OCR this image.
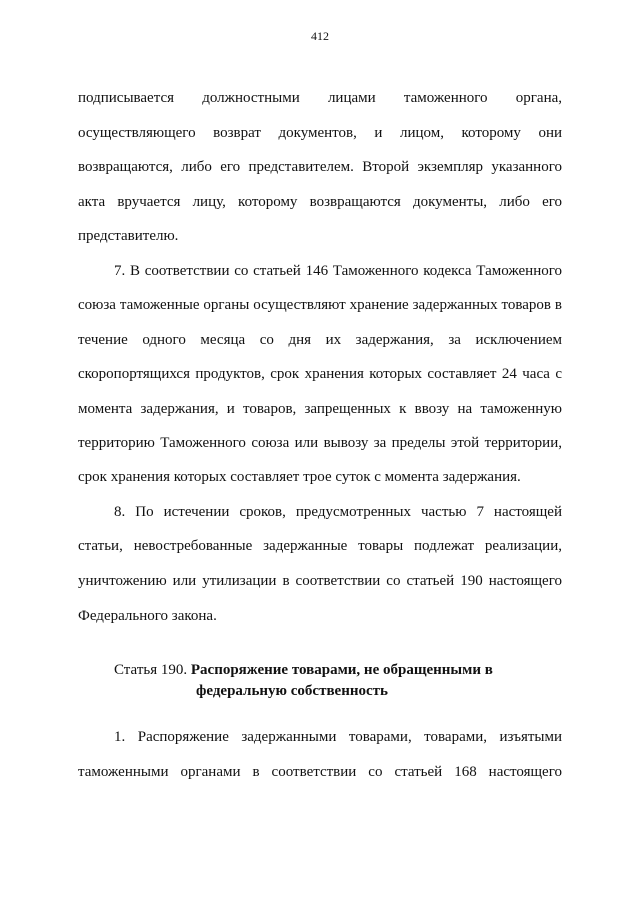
412
подписывается должностными лицами таможенного органа,
осуществляющего возврат документов, и лицом, которому они
возвращаются, либо его представителем. Второй экземпляр указанного
акта вручается лицу, которому возвращаются документы, либо его
представителю.
7. В соответствии со статьей 146 Таможенного кодекса Таможенного
союза таможенные органы осуществляют хранение задержанных товаров в
течение одного месяца со дня их задержания, за исключением
скоропортящихся продуктов, срок хранения которых составляет 24 часа с
момента задержания, и товаров, запрещенных к ввозу на таможенную
территорию Таможенного союза или вывозу за пределы этой территории,
срок хранения которых составляет трое суток с момента задержания.
8. По истечении сроков, предусмотренных частью 7 настоящей
статьи, невостребованные задержанные товары подлежат реализации,
уничтожению или утилизации в соответствии со статьей 190 настоящего
Федерального закона.
Статья 190. Распоряжение товарами, не обращенными в
федеральную собственность
1. Распоряжение задержанными товарами, товарами, изъятыми
таможенными органами в соответствии со статьей 168 настоящего
